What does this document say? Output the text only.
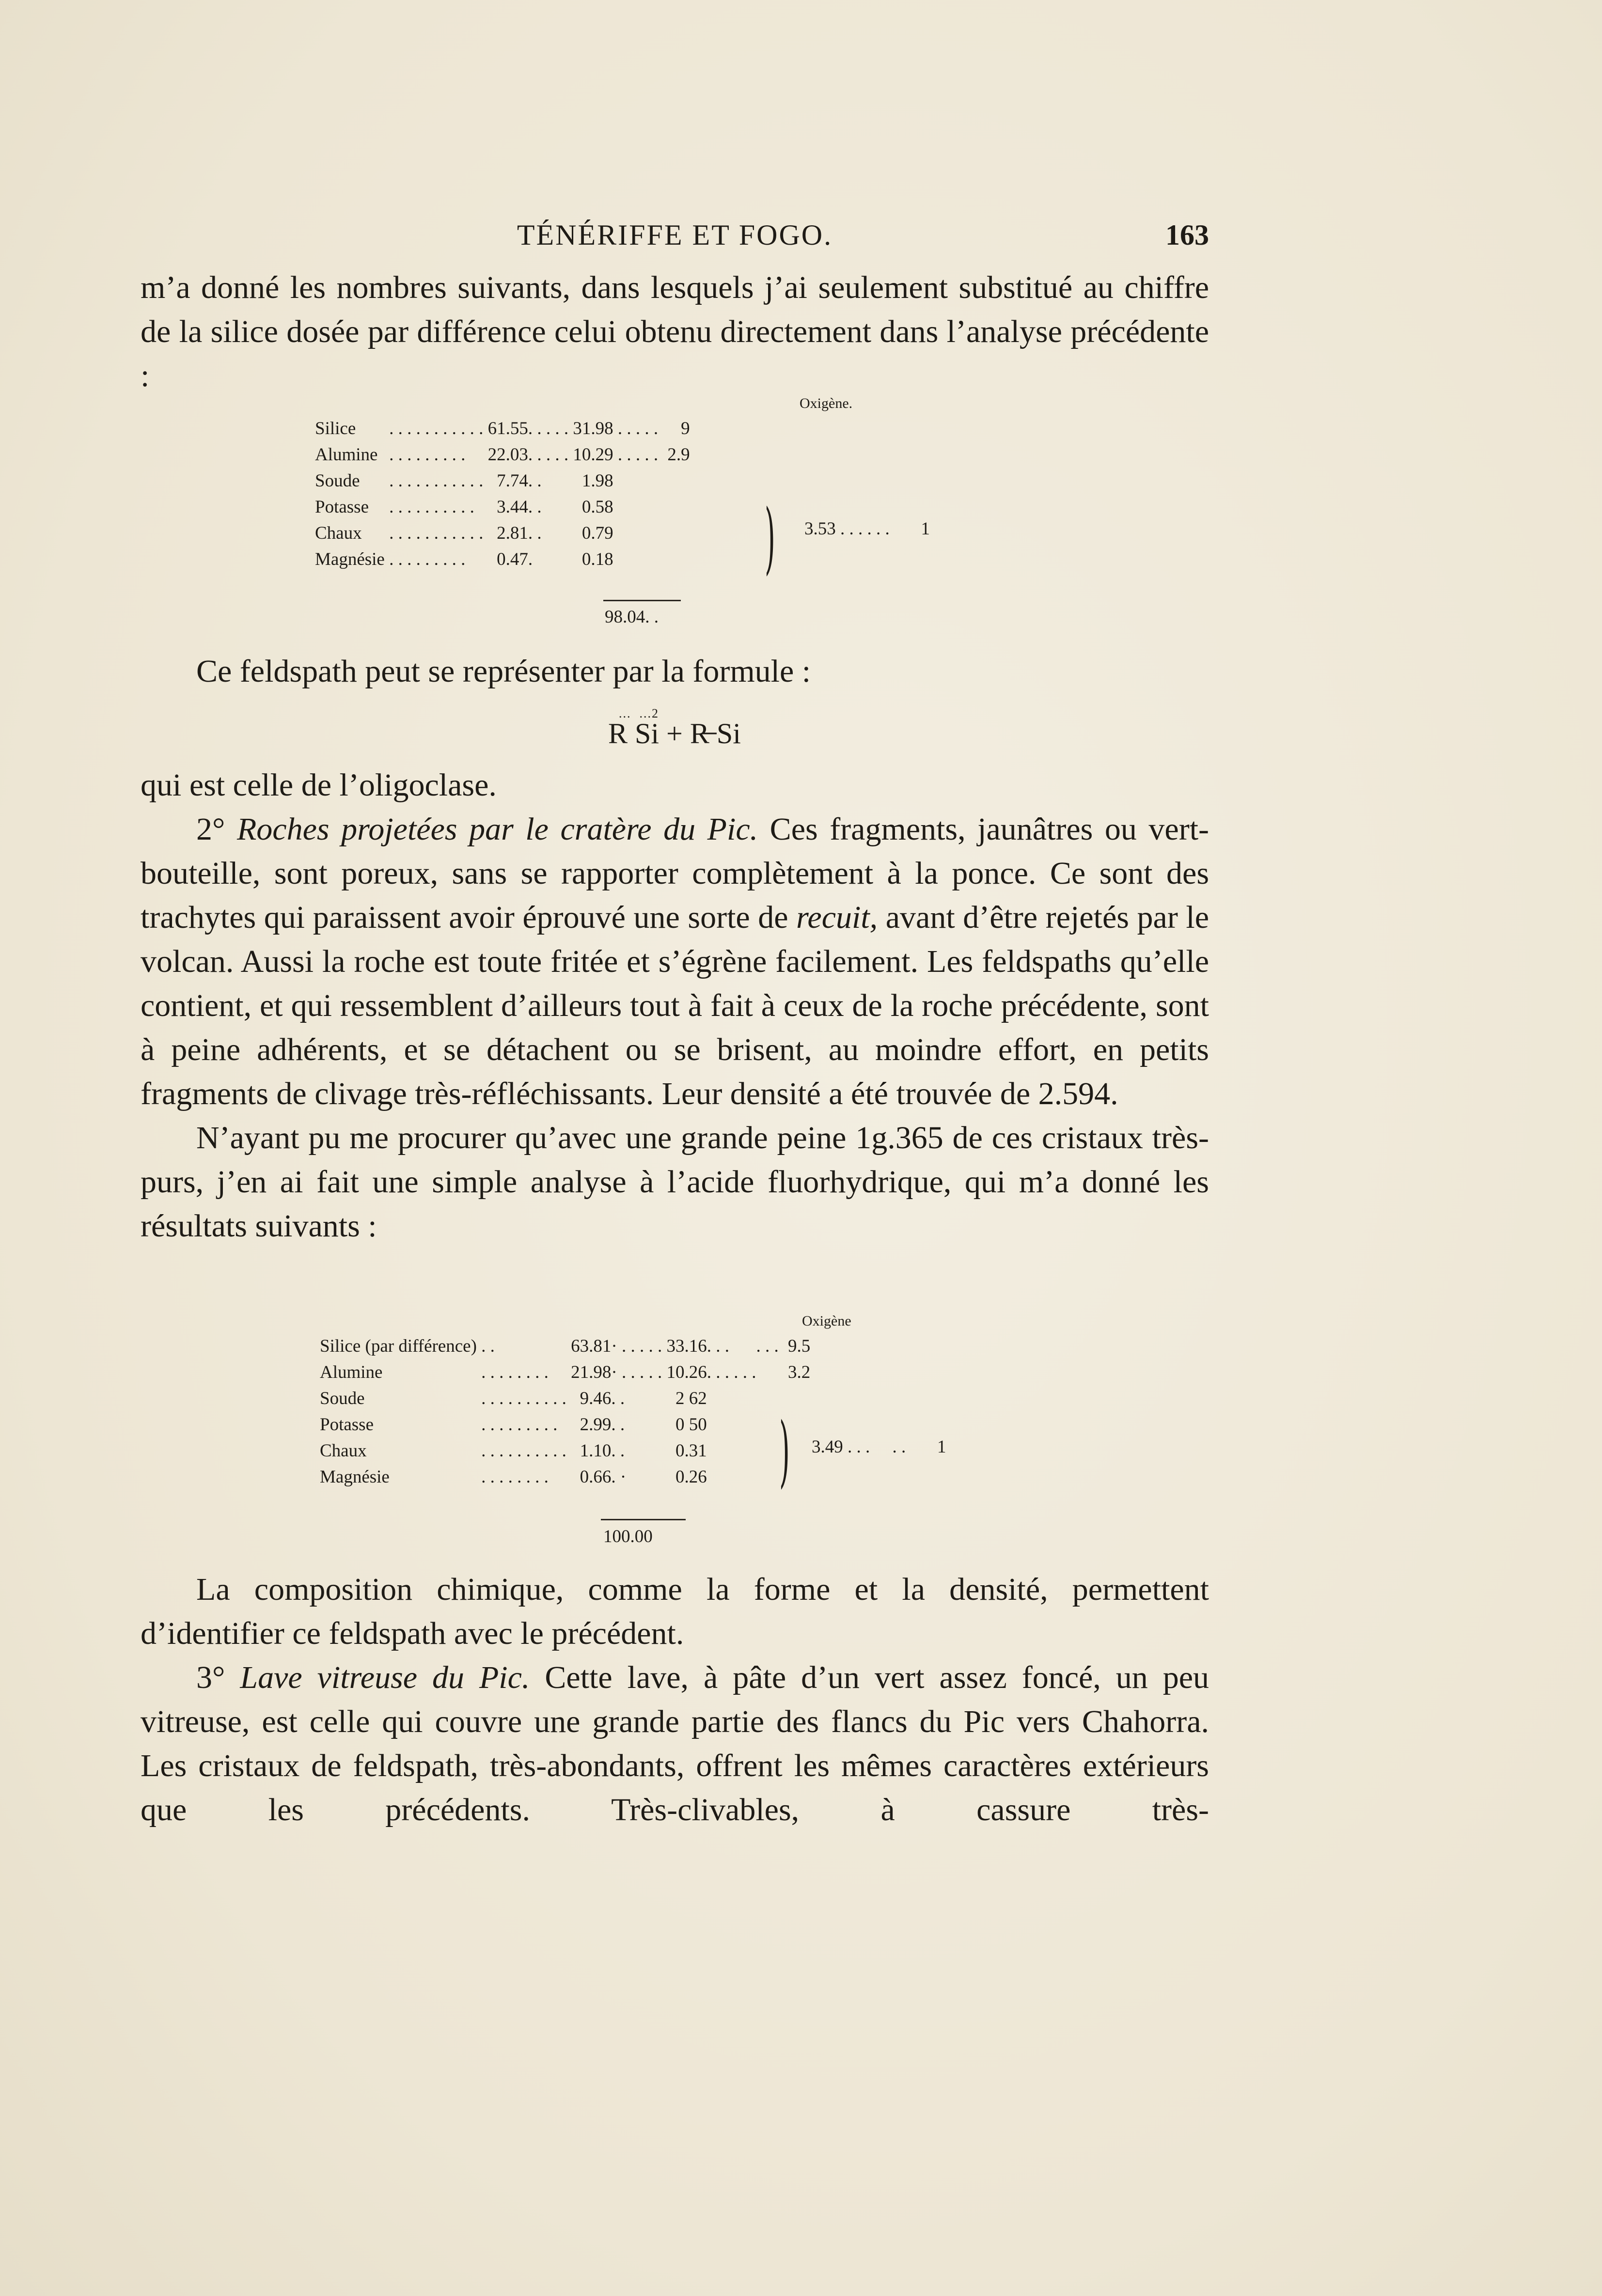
TÉNÉRIFFE ET FOGO.	163

m’a donné les nombres suivants, dans lesquels j’ai seulement substitué au chiffre de la silice dosée par différence celui obtenu directement dans l’analyse précédente :

Oxigène.
Silice	. . . . . . . . . . .	61.55	. . . . .	31.98	. . . . .	9
Alumine	. . . . . . . . .	22.03	. . . . .	10.29	. . . . .	2.9
Soude	. . . . . . . . . . .	7.74	. .	1.98		
Potasse	. . . . . . . . . .	3.44	. .	0.58		
Chaux	. . . . . . . . . . .	2.81	. .	0.79		
Magnésie	. . . . . . . . .	0.47	.	0.18		
98.04. .
) 3.53 . . . . . . 1

Ce feldspath peut se représenter par la formule :

...  ...2
R Si + R̶ Si

qui est celle de l’oligoclase.

2° Roches projetées par le cratère du Pic. Ces fragments, jaunâtres ou vert-bouteille, sont poreux, sans se rapporter complètement à la ponce. Ce sont des trachytes qui paraissent avoir éprouvé une sorte de recuit, avant d’être rejetés par le volcan. Aussi la roche est toute fritée et s’égrène facilement. Les feldspaths qu’elle contient, et qui ressemblent d’ailleurs tout à fait à ceux de la roche précédente, sont à peine adhérents, et se détachent ou se brisent, au moindre effort, en petits fragments de clivage très-réfléchissants. Leur densité a été trouvée de 2.594.

N’ayant pu me procurer qu’avec une grande peine 1g.365 de ces cristaux très-purs, j’en ai fait une simple analyse à l’acide fluorhydrique, qui m’a donné les résultats suivants :

Oxigène
Silice (par différence)	. .	63.81	· . . . . .	33.16	. . .      . . .	9.5
Alumine	. . . . . . . .	21.98	· . . . . .	10.26	. . . . . .	3.2
Soude	. . . . . . . . . .	9.46	. .	2 62		
Potasse	. . . . . . . . .	2.99	. .	0 50		
Chaux	. . . . . . . . . .	1.10	. .	0.31		
Magnésie	. . . . . . . .	0.66	. ·	0.26		
100.00
) 3.49 . . .     . . 1

La composition chimique, comme la forme et la densité, permettent d’identifier ce feldspath avec le précédent.

3° Lave vitreuse du Pic. Cette lave, à pâte d’un vert assez foncé, un peu vitreuse, est celle qui couvre une grande partie des flancs du Pic vers Chahorra. Les cristaux de feldspath, très-abondants, offrent les mêmes caractères extérieurs que les précédents. Très-clivables, à cassure très-
